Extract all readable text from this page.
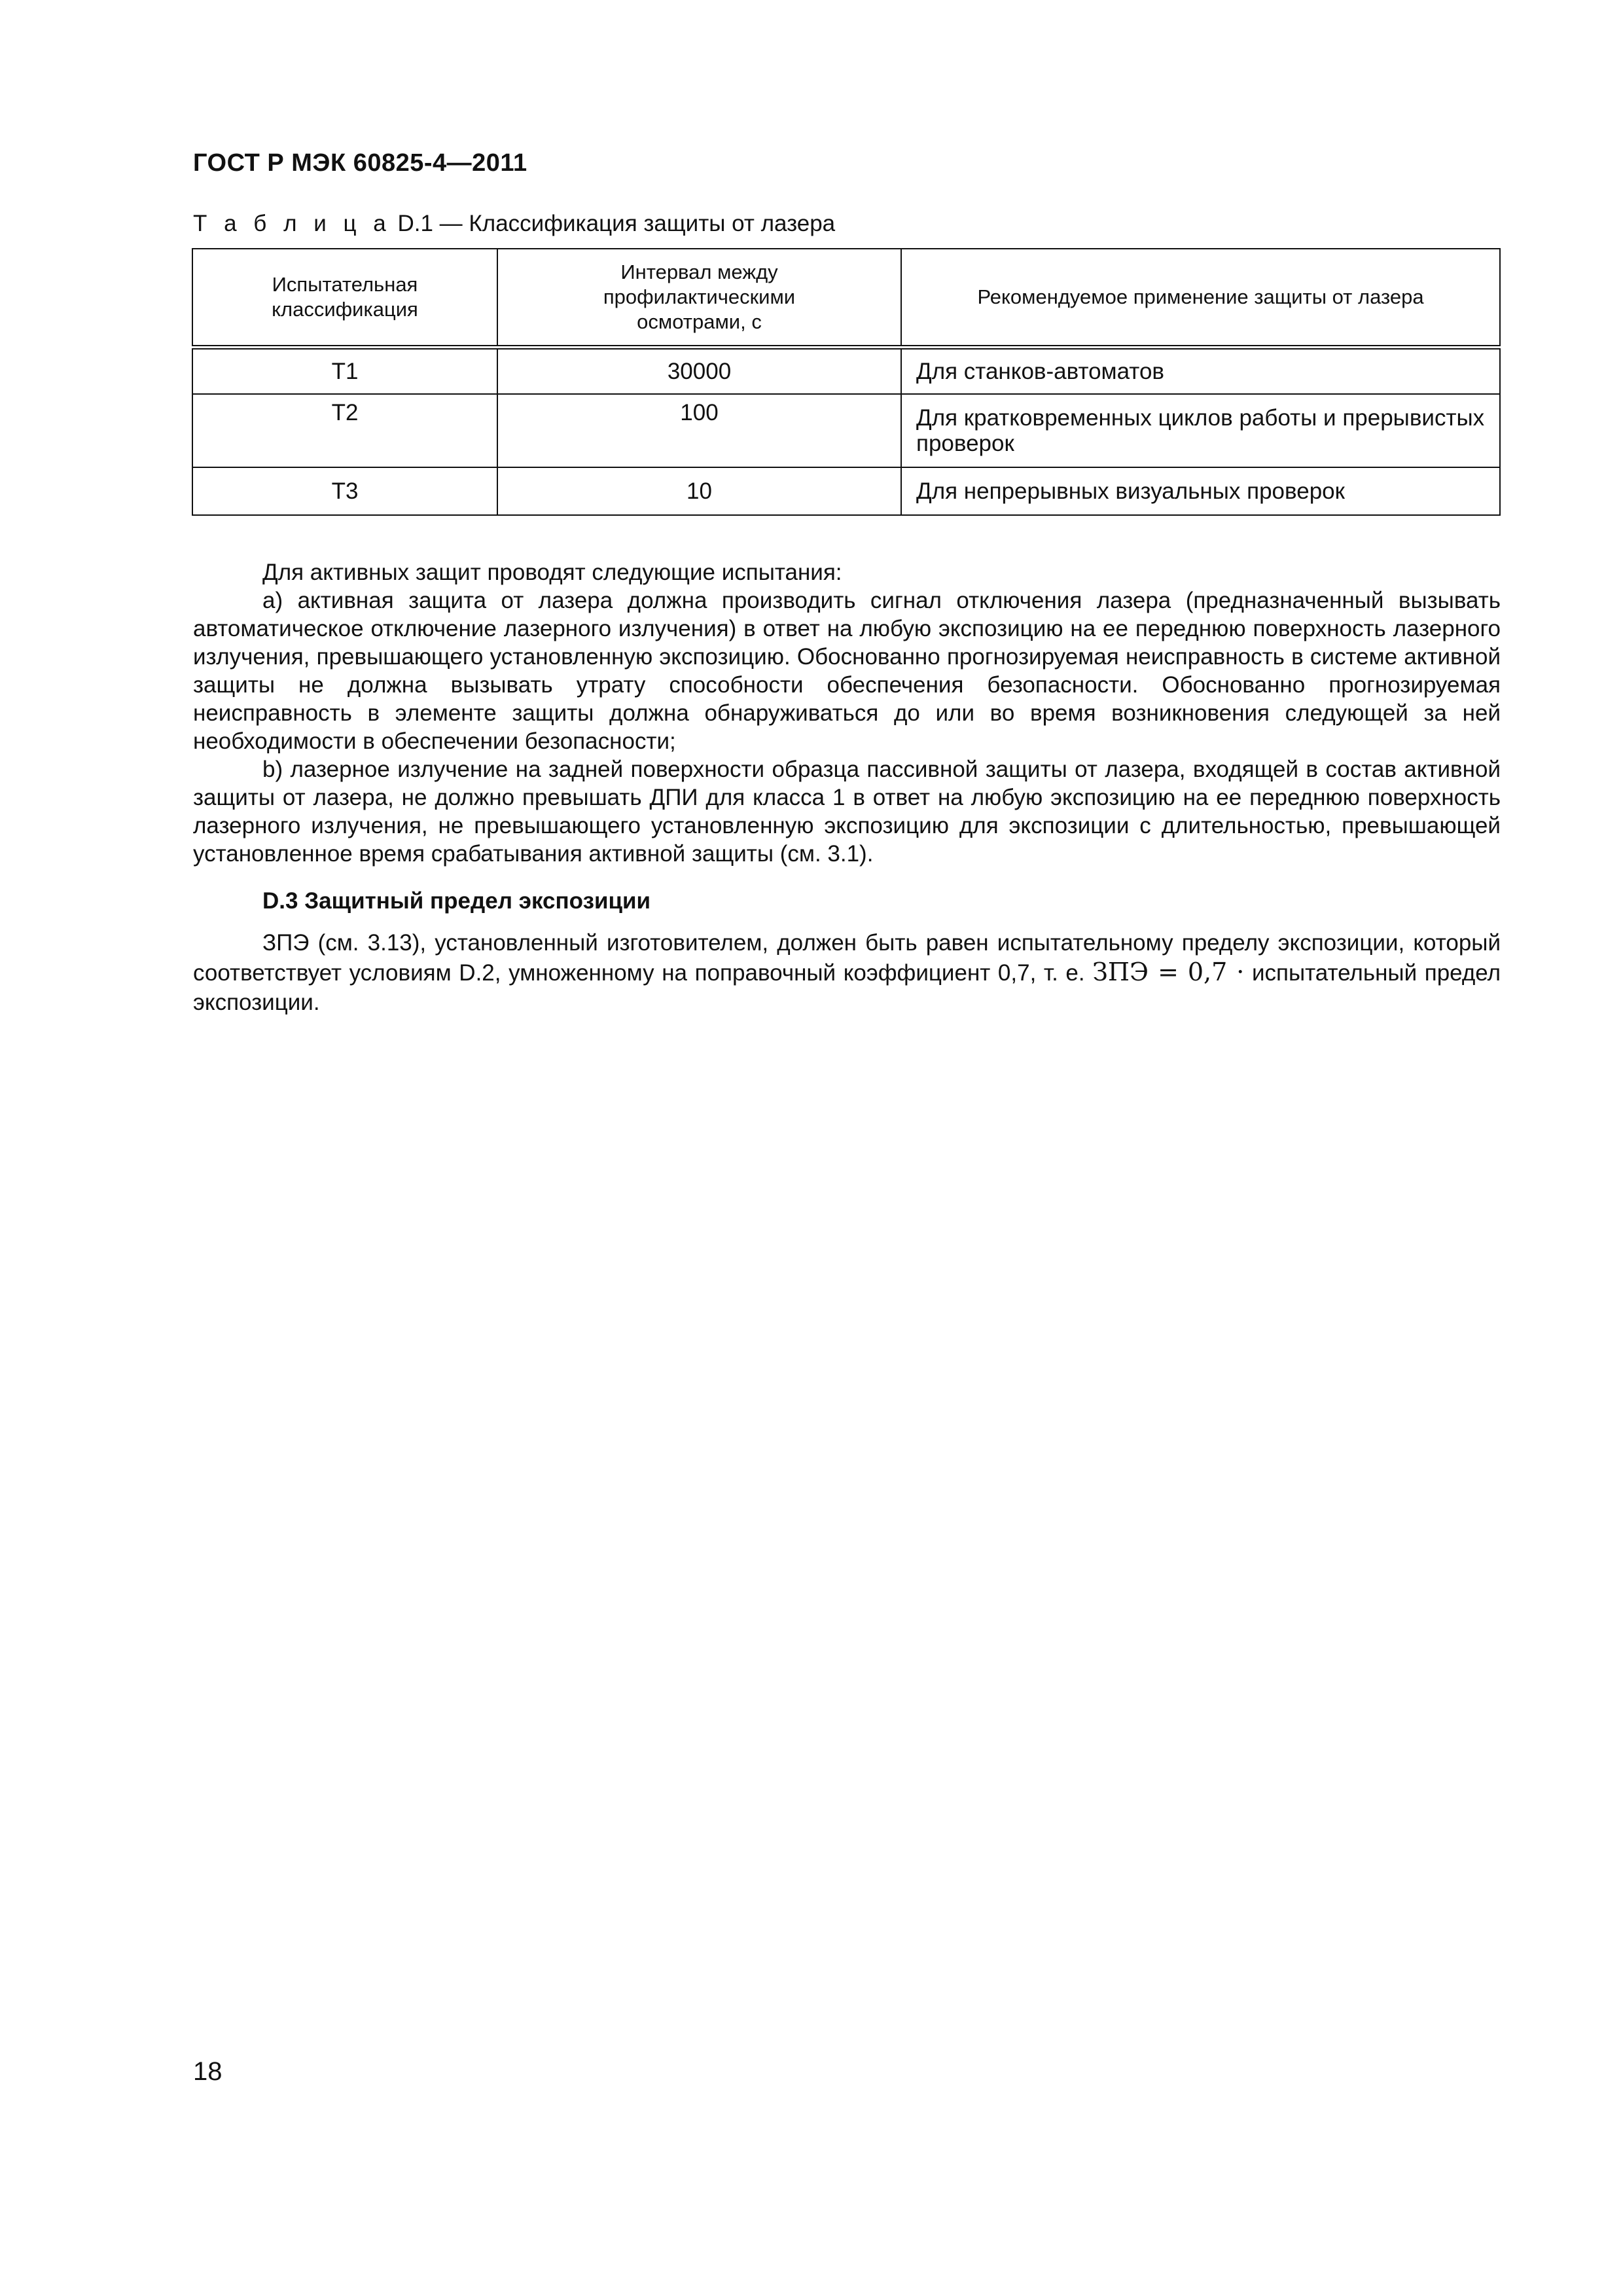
ГОСТ Р МЭК 60825-4—2011
Т а б л и ц а D.1 — Классификация защиты от лазера
Испытательная классификация	Интервал между профилактическими осмотрами, с	Рекомендуемое применение защиты от лазера
T1	30000	Для станков-автоматов
T2	100	Для кратковременных циклов работы и прерывистых проверок
T3	10	Для непрерывных визуальных проверок

Для активных защит проводят следующие испытания:

a) активная защита от лазера должна производить сигнал отключения лазера (предназначенный вызывать автоматическое отключение лазерного излучения) в ответ на любую экспозицию на ее переднюю поверхность лазерного излучения, превышающего установленную экспозицию. Обоснованно прогнозируемая неисправность в системе активной защиты не должна вызывать утрату способности обеспечения безопасности. Обоснованно прогнозируемая неисправность в элементе защиты должна обнаруживаться до или во время возникновения следующей за ней необходимости в обеспечении безопасности;

b) лазерное излучение на задней поверхности образца пассивной защиты от лазера, входящей в состав активной защиты от лазера, не должно превышать ДПИ для класса 1 в ответ на любую экспозицию на ее переднюю поверхность лазерного излучения, не превышающего установленную экспозицию для экспозиции с длительностью, превышающей установленное время срабатывания активной защиты (см. 3.1).

D.3 Защитный предел экспозиции

ЗПЭ (см. 3.13), установленный изготовителем, должен быть равен испытательному пределу экспозиции, который соответствует условиям D.2, умноженному на поправочный коэффициент 0,7, т. е. ЗПЭ = 0,7 · испытательный предел экспозиции.

18
